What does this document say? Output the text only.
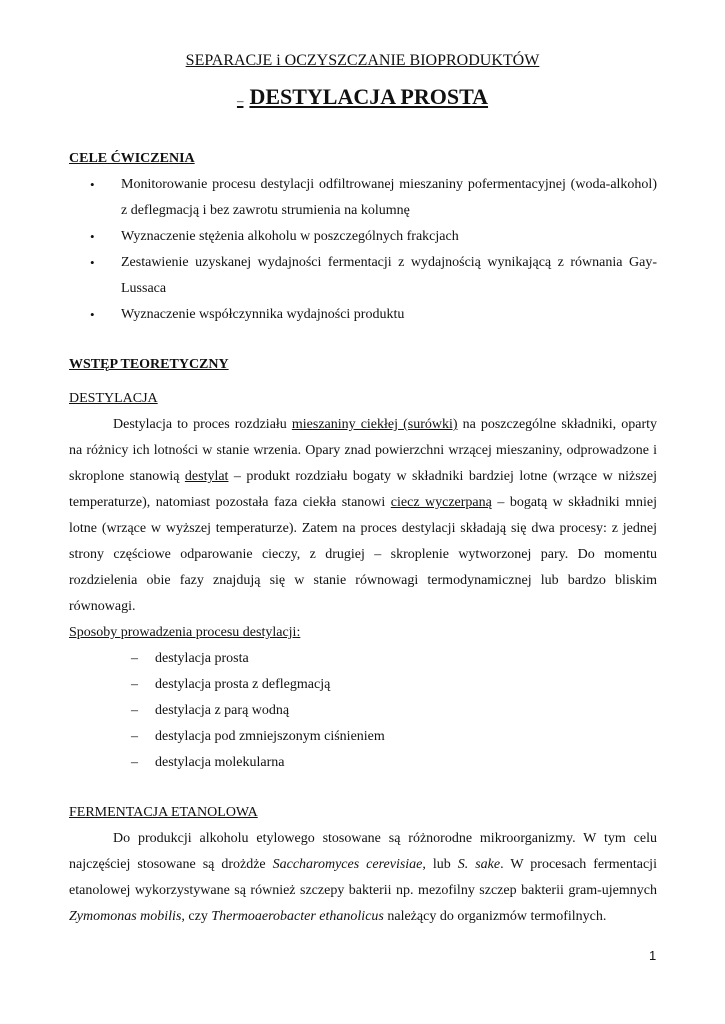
SEPARACJE i OCZYSZCZANIE BIOPRODUKTÓW
– DESTYLACJA PROSTA

CELE ĆWICZENIA

• Monitorowanie procesu destylacji odfiltrowanej mieszaniny pofermentacyjnej (woda-alkohol) z deflegmacją i bez zawrotu strumienia na kolumnę
• Wyznaczenie stężenia alkoholu w poszczególnych frakcjach
• Zestawienie uzyskanej wydajności fermentacji z wydajnością wynikającą z równania Gay-Lussaca
• Wyznaczenie współczynnika wydajności produktu

WSTĘP TEORETYCZNY

DESTYLACJA

Destylacja to proces rozdziału mieszaniny ciekłej (surówki) na poszczególne składniki, oparty na różnicy ich lotności w stanie wrzenia. Opary znad powierzchni wrzącej mieszaniny, odprowadzone i skroplone stanowią destylat – produkt rozdziału bogaty w składniki bardziej lotne (wrzące w niższej temperaturze), natomiast pozostała faza ciekła stanowi ciecz wyczerpaną – bogatą w składniki mniej lotne (wrzące w wyższej temperaturze). Zatem na proces destylacji składają się dwa procesy: z jednej strony częściowe odparowanie cieczy, z drugiej – skroplenie wytworzonej pary. Do momentu rozdzielenia obie fazy znajdują się w stanie równowagi termodynamicznej lub bardzo bliskim równowagi.

Sposoby prowadzenia procesu destylacji:

– destylacja prosta
– destylacja prosta z deflegmacją
– destylacja z parą wodną
– destylacja pod zmniejszonym ciśnieniem
– destylacja molekularna

FERMENTACJA ETANOLOWA

Do produkcji alkoholu etylowego stosowane są różnorodne mikroorganizmy. W tym celu najczęściej stosowane są drożdże Saccharomyces cerevisiae, lub S. sake. W procesach fermentacji etanolowej wykorzystywane są również szczepy bakterii np. mezofilny szczep bakterii gram-ujemnych Zymomonas mobilis, czy Thermoaerobacter ethanolicus należący do organizmów termofilnych.

1
